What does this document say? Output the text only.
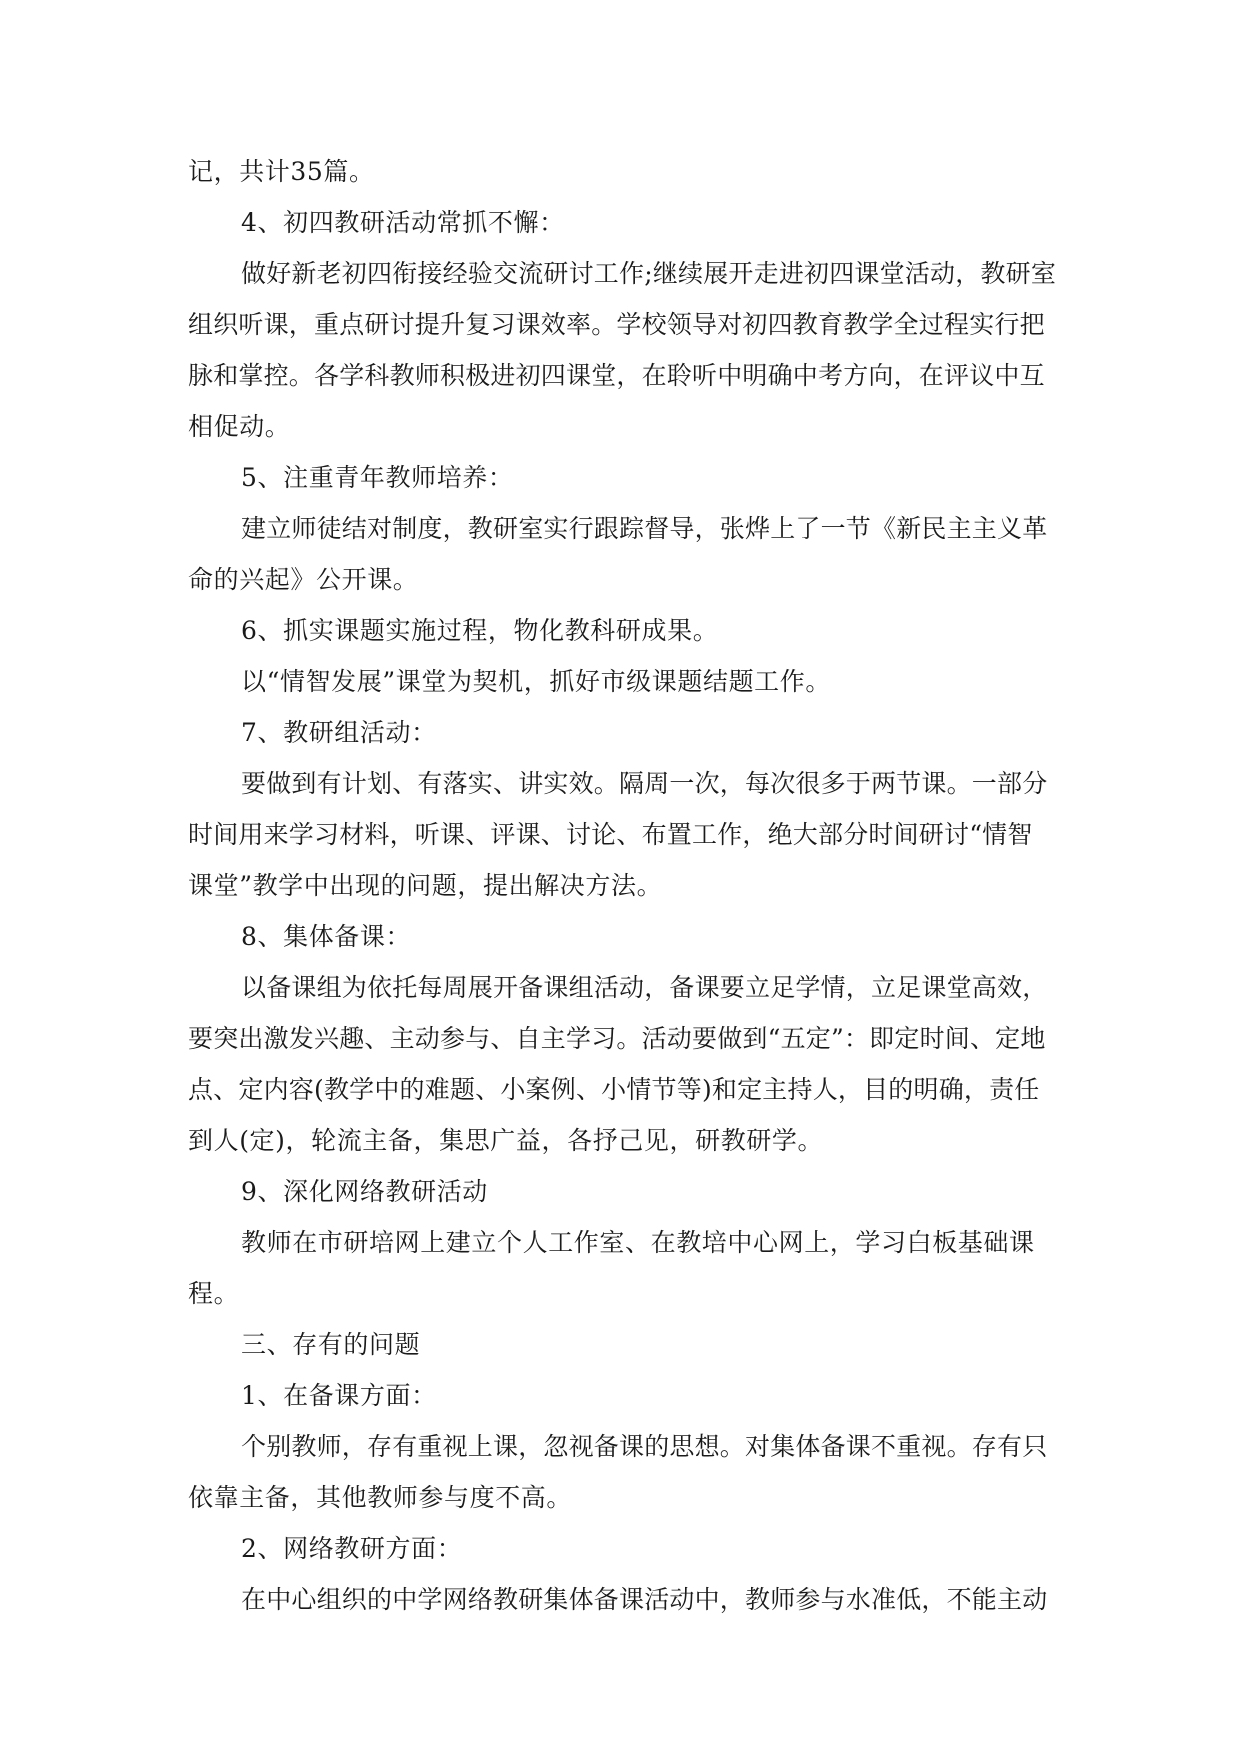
记，共计35篇。
4、初四教研活动常抓不懈：
做好新老初四衔接经验交流研讨工作;继续展开走进初四课堂活动，教研室
组织听课，重点研讨提升复习课效率。学校领导对初四教育教学全过程实行把
脉和掌控。各学科教师积极进初四课堂，在聆听中明确中考方向，在评议中互
相促动。
5、注重青年教师培养：
建立师徒结对制度，教研室实行跟踪督导，张烨上了一节《新民主主义革
命的兴起》公开课。
6、抓实课题实施过程，物化教科研成果。
以“情智发展”课堂为契机，抓好市级课题结题工作。
7、教研组活动：
要做到有计划、有落实、讲实效。隔周一次，每次很多于两节课。一部分
时间用来学习材料，听课、评课、讨论、布置工作，绝大部分时间研讨“情智
课堂”教学中出现的问题，提出解决方法。
8、集体备课：
以备课组为依托每周展开备课组活动，备课要立足学情，立足课堂高效，
要突出激发兴趣、主动参与、自主学习。活动要做到“五定”：即定时间、定地
点、定内容(教学中的难题、小案例、小情节等)和定主持人，目的明确，责任
到人(定)，轮流主备，集思广益，各抒己见，研教研学。
9、深化网络教研活动
教师在市研培网上建立个人工作室、在教培中心网上，学习白板基础课
程。
三、存有的问题
1、在备课方面：
个别教师，存有重视上课，忽视备课的思想。对集体备课不重视。存有只
依靠主备，其他教师参与度不高。
2、网络教研方面：
在中心组织的中学网络教研集体备课活动中，教师参与水准低，不能主动
